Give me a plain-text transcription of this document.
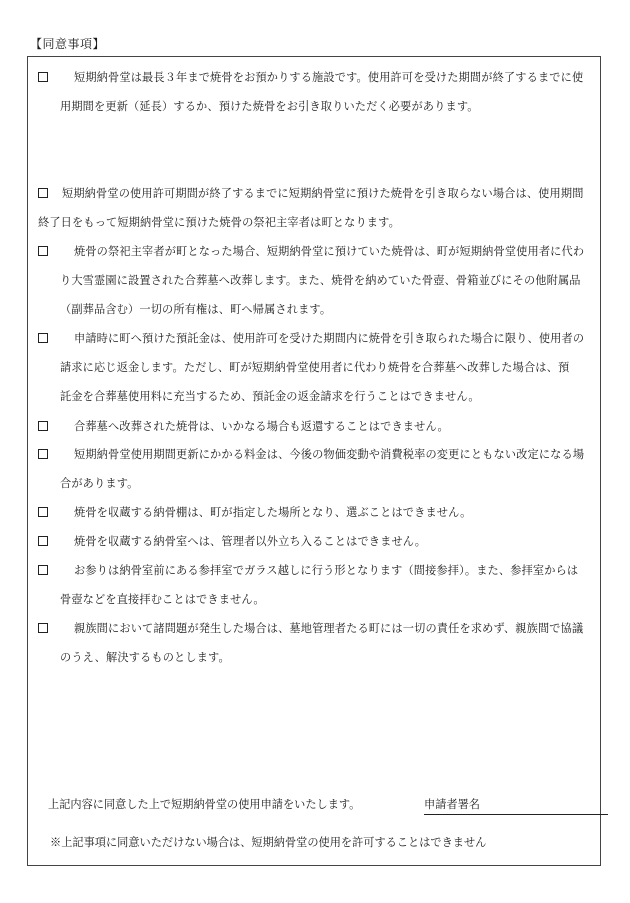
【同意事項】
短期納骨堂は最長３年まで焼骨をお預かりする施設です。使用許可を受けた期間が終了するまでに使
用期間を更新（延長）するか、預けた焼骨をお引き取りいただく必要があります。
短期納骨堂の使用許可期間が終了するまでに短期納骨堂に預けた焼骨を引き取らない場合は、使用期間
終了日をもって短期納骨堂に預けた焼骨の祭祀主宰者は町となります。
焼骨の祭祀主宰者が町となった場合、短期納骨堂に預けていた焼骨は、町が短期納骨堂使用者に代わ
り大雪霊園に設置された合葬墓へ改葬します。また、焼骨を納めていた骨壺、骨箱並びにその他附属品
（副葬品含む）一切の所有権は、町へ帰属されます。
申請時に町へ預けた預託金は、使用許可を受けた期間内に焼骨を引き取られた場合に限り、使用者の
請求に応じ返金します。ただし、町が短期納骨堂使用者に代わり焼骨を合葬墓へ改葬した場合は、預
託金を合葬墓使用料に充当するため、預託金の返金請求を行うことはできません。
合葬墓へ改葬された焼骨は、いかなる場合も返還することはできません。
短期納骨堂使用期間更新にかかる料金は、今後の物価変動や消費税率の変更にともない改定になる場
合があります。
焼骨を収蔵する納骨棚は、町が指定した場所となり、選ぶことはできません。
焼骨を収蔵する納骨室へは、管理者以外立ち入ることはできません。
お参りは納骨室前にある参拝室でガラス越しに行う形となります（間接参拝）。また、参拝室からは
骨壺などを直接拝むことはできません。
親族間において諸問題が発生した場合は、墓地管理者たる町には一切の責任を求めず、親族間で協議
のうえ、解決するものとします。
上記内容に同意した上で短期納骨堂の使用申請をいたします。	申請者署名
※上記事項に同意いただけない場合は、短期納骨堂の使用を許可することはできません
